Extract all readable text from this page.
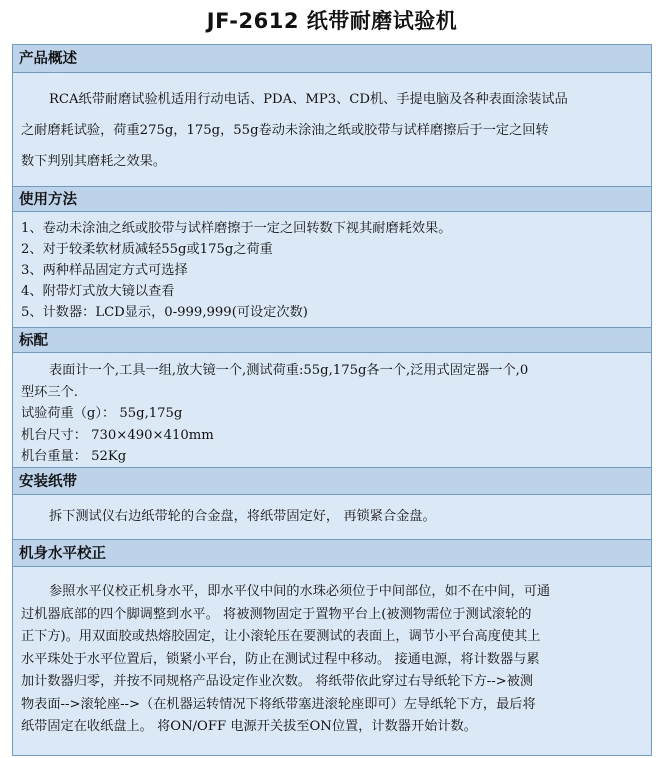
JF-2612 纸带耐磨试验机
产品概述
RCA纸带耐磨试验机适用行动电话、PDA、MP3、CD机、手提电脑及各种表面涂装试品
之耐磨耗试验，荷重275g，175g，55g卷动未涂油之纸或胶带与试样磨擦后于一定之回转
数下判别其磨耗之效果。
使用方法
1、卷动未涂油之纸或胶带与试样磨擦于一定之回转数下视其耐磨耗效果。
2、对于较柔软材质减轻55g或175g之荷重
3、两种样品固定方式可选择
4、附带灯式放大镜以查看
5、计数器：LCD显示，0-999,999(可设定次数)
标配
表面计一个,工具一组,放大镜一个,测试荷重:55g,175g各一个,泛用式固定器一个,0
型环三个.
试验荷重（g）： 55g,175g
机台尺寸： 730×490×410mm
机台重量： 52Kg
安装纸带
拆下测试仪右边纸带轮的合金盘，将纸带固定好， 再锁紧合金盘。
机身水平校正
参照水平仪校正机身水平，即水平仪中间的水珠必须位于中间部位，如不在中间，可通
过机器底部的四个脚调整到水平。 将被测物固定于置物平台上(被测物需位于测试滚轮的
正下方)。用双面胶或热熔胶固定，让小滚轮压在要测试的表面上，调节小平台高度使其上
水平珠处于水平位置后，锁紧小平台，防止在测试过程中移动。 接通电源，将计数器与累
加计数器归零，并按不同规格产品设定作业次数。 将纸带依此穿过右导纸轮下方-->被测
物表面-->滚轮座-->（在机器运转情况下将纸带塞进滚轮座即可）左导纸轮下方，最后将
纸带固定在收纸盘上。 将ON/OFF 电源开关拔至ON位置，计数器开始计数。
